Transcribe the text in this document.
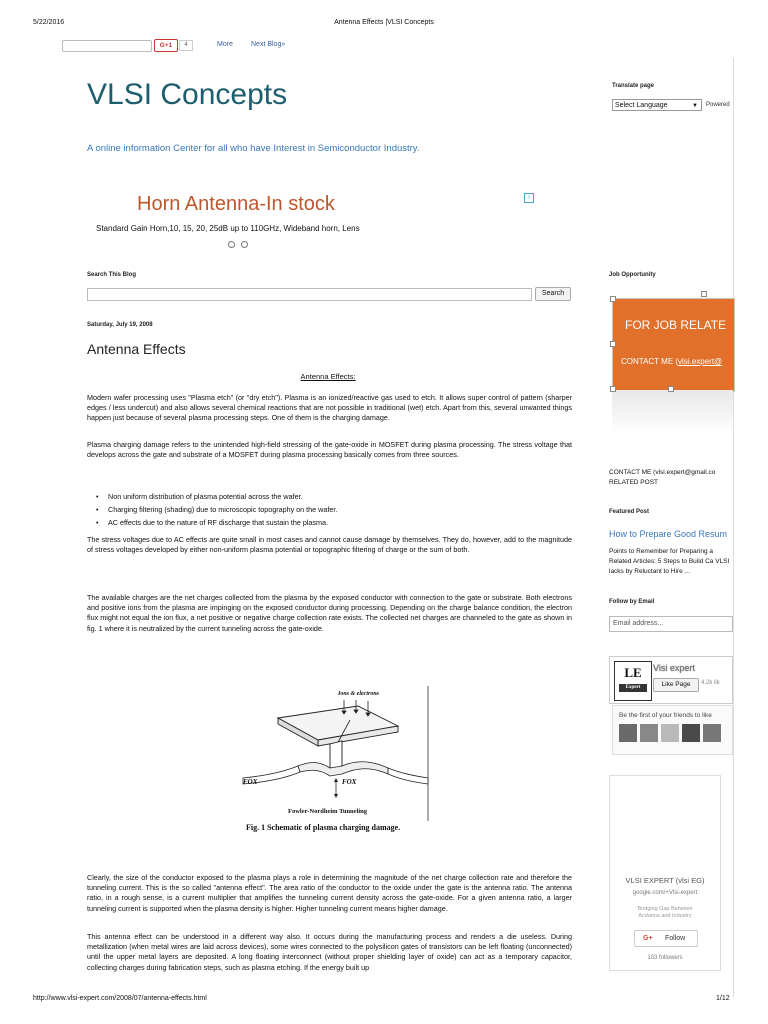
5/22/2016	Antenna Effects |VLSI Concepts
G+1	4	More	Next Blog»
VLSI Concepts
A online information Center for all who have Interest in Semiconductor Industry.
Translate page
Select Language	▼ Powered
Horn Antenna-In stock
Standard Gain Horn,10, 15, 20, 25dB up to 110GHz, Wideband horn, Lens
i
Search This Blog
Search
Saturday, July 19, 2008
Antenna Effects
Antenna Effects:
Modern wafer processing uses "Plasma etch" (or "dry etch"). Plasma is an ionized/reactive gas used to etch. It allows super control of pattern (sharper edges / less undercut) and also allows several chemical reactions that are not possible in traditional (wet) etch. Apart from this, several unwanted things happen just because of several plasma processing steps. One of them is the charging damage.
Plasma charging damage refers to the unintended high-field stressing of the gate-oxide in MOSFET during plasma processing. The stress voltage that develops across the gate and substrate of a MOSFET during plasma processing basically comes from three sources.
• Non uniform distribution of plasma potential across the wafer.
• Charging filtering (shading) due to microscopic topography on the wafer.
• AC effects due to the nature of RF discharge that sustain the plasma.
The stress voltages due to AC effects are quite small in most cases and cannot cause damage by themselves. They do, however, add to the magnitude of stress voltages developed by either non-uniform plasma potential or topographic filtering of charge or the sum of both.
The available charges are the net charges collected from the plasma by the exposed conductor with connection to the gate or substrate. Both electrons and positive ions from the plasma are impinging on the exposed conductor during processing. Depending on the charge balance condition, the electron flux might not equal the ion flux, a net positive or negative charge collection rate exists. The collected net charges are channeled to the gate as shown in fig. 1 where it is neutralized by the current tunneling across the gate-oxide.
Ions & electrons
FOX	FOX
Fowler-Nordheim Tunneling
Fig. 1 Schematic of plasma charging damage.
Clearly, the size of the conductor exposed to the plasma plays a role in determining the magnitude of the net charge collection rate and therefore the tunneling current. This is the so called "antenna effect". The area ratio of the conductor to the oxide under the gate is the antenna ratio. The antenna ratio, in a rough sense, is a current multiplier that amplifies the tunneling current density across the gate-oxide. For a given antenna ratio, a larger tunneling current is supported when the plasma density is higher. Higher tunneling current means higher damage.
This antenna effect can be understood in a different way also. It occurs during the manufacturing process and renders a die useless. During metallization (when metal wires are laid across devices), some wires connected to the polysilicon gates of transistors can be left floating (unconnected) until the upper metal layers are deposited. A long floating interconnect (without proper shielding layer of oxide) can act as a temporary capacitor, collecting charges during fabrication steps, such as plasma etching. If the energy built up
Job Opportunity
FOR JOB RELATE
CONTACT ME (vlsi.expert@
CONTACT ME (vlsi.expert@gmail.co
RELATED POST
Featured Post
How to Prepare Good Resum
Points to Remember for Preparing a Related Articles: 5 Steps to Build Ca VLSI lacks by Reluctant to Hire ...
Follow by Email
Email address...
LE
Expert
Visi expert
Like Page	4.2k lik
Be the first of your friends to like
VLSI EXPERT (vlsi EG)
google.com/+Vlsi-expert
Bridging Gap Between Acdamia and Industry
G+ Follow
103 followers
http://www.vlsi-expert.com/2008/07/antenna-effects.html	1/12
